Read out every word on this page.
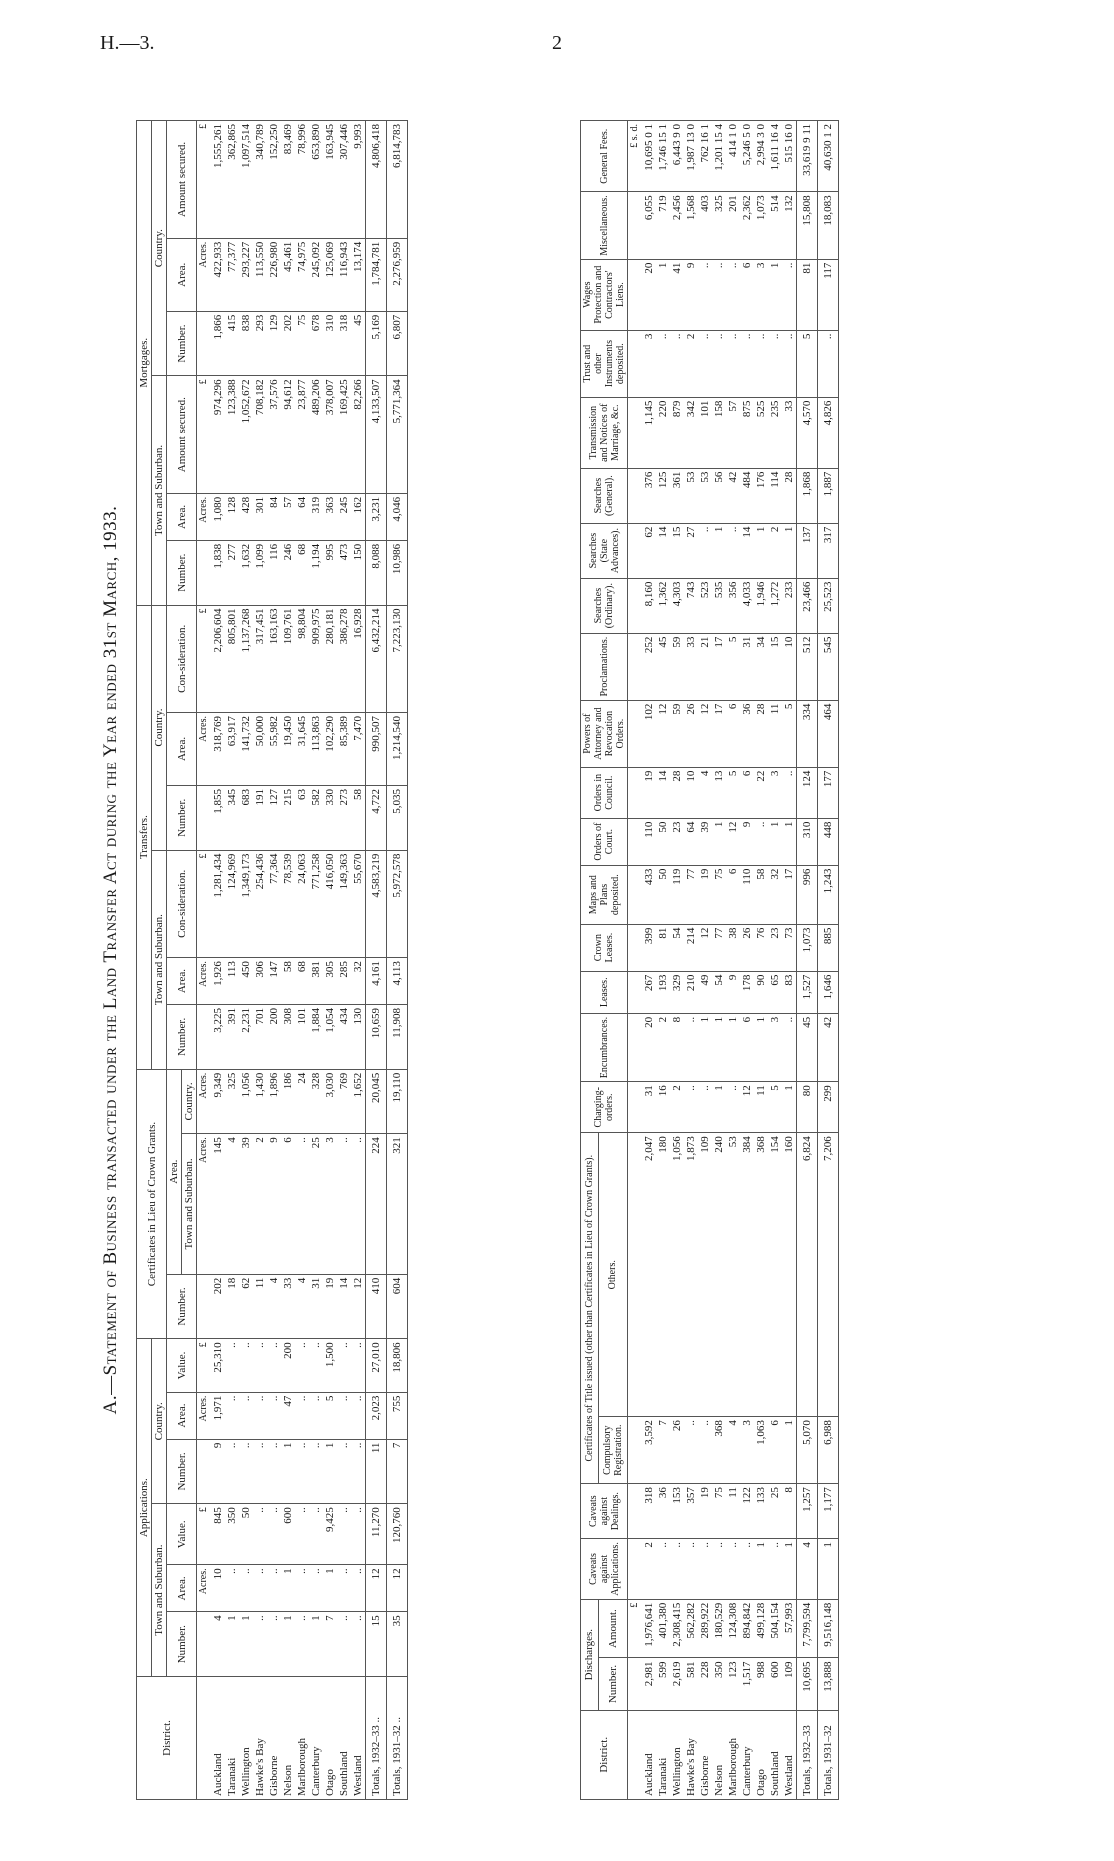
H.—3.	2
A.—Statement of Business transacted under the Land Transfer Act during the Year ended 31st March, 1933.
District.	Applications.						Certificates in Lieu of Crown Grants.			Transfers.						Mortgages.					
	Town and Suburban.			Country.						Town and Suburban.			Country.			Town and Suburban.			Country.		
	Number.	Area.	Value.	Number.	Area.	Value.	Number.	Area.		Number.	Area.	Con-sideration.	Number.	Area.	Con-sideration.	Number.	Area.	Amount secured.	Number.	Area.	Amount secured.
								Town and Suburban.	Country.												
		Acres.	£		Acres.	£		Acres.	Acres.		Acres.	£		Acres.	£		Acres.	£		Acres.	£
Auckland	4	10	845	9	1,971	25,310	202	145	9,349	3,225	1,926	1,281,434	1,855	318,769	2,206,604	1,838	1,080	974,296	1,866	422,933	1,555,261
Taranaki	1	..	350	..	..	..	18	4	325	391	113	124,969	345	63,917	805,801	277	128	123,388	415	77,377	362,865
Wellington	1	..	50	..	..	..	62	39	1,056	2,231	450	1,349,173	683	141,732	1,137,268	1,632	428	1,052,672	838	293,227	1,097,514
Hawke's Bay	..	..	..	..	..	..	11	2	1,430	701	306	254,436	191	50,000	317,451	1,099	301	708,182	293	113,550	340,789
Gisborne	..	..	..	..	..	..	4	9	1,896	200	147	77,364	127	55,982	163,163	116	84	37,576	129	226,980	152,250
Nelson	1	1	600	1	47	200	33	6	186	308	58	78,539	215	19,450	109,761	246	57	94,612	202	45,461	83,469
Marlborough	..	..	..	..	..	..	4	..	24	101	68	24,063	63	31,645	98,804	68	64	23,877	75	74,975	78,996
Canterbury	1	..	..	..	..	..	31	25	328	1,884	381	771,258	582	113,863	909,975	1,194	319	489,206	678	245,092	653,890
Otago	7	1	9,425	1	5	1,500	19	3	3,030	1,054	305	416,050	330	102,290	280,181	995	363	378,007	310	125,069	163,945
Southland	..	..	..	..	..	..	14	..	769	434	285	149,363	273	85,389	386,278	473	245	169,425	318	116,943	307,446
Westland	..	..	..	..	..	..	12	..	1,652	130	32	55,670	58	7,470	16,928	150	162	82,266	45	13,174	9,993
Totals, 1932–33 ..	15	12	11,270	11	2,023	27,010	410	224	20,045	10,659	4,161	4,583,219	4,722	990,507	6,432,214	8,088	3,231	4,133,507	5,169	1,784,781	4,806,418
Totals, 1931–32 ..	35	12	120,760	7	755	18,806	604	321	19,110	11,908	4,113	5,972,578	5,035	1,214,540	7,223,130	10,986	4,046	5,771,364	6,807	2,276,959	6,814,783
District.	Discharges.		Caveats against Applications.	Caveats against Dealings.	Certificates of Title issued (other than Certificates in Lieu of Crown Grants).		Charging-orders.	Encumbrances.	Leases.	Crown Leases.	Maps and Plans deposited.	Orders of Court.	Orders in Council.	Powers of Attorney and Revocation Orders.	Proclamations.	Searches (Ordinary).	Searches (State Advances).	Searches (General).	Transmission and Notices of Marriage, &c.	Trust and other Instruments deposited.	Wages Protection and Contractors' Liens.	Miscellaneous.	General Fees.
	Number.	Amount.			Compulsory Registration.	Others.																	
		£																					£ s. d.
Auckland	2,981	1,976,641	2	318	3,592	2,047	31	20	267	399	433	110	19	102	252	8,160	62	376	1,145	3	20	6,055	10,695 0 1
Taranaki	599	401,380	..	36	7	180	16	2	193	81	50	50	14	12	45	1,362	14	125	220	..	1	719	1,746 15 1
Wellington	2,619	2,308,415	..	153	26	1,056	2	8	329	54	119	23	28	59	59	4,303	15	361	879	..	41	2,456	6,443 9 0
Hawke's Bay	581	562,282	..	357	..	1,873	..	..	210	214	77	64	10	26	33	743	27	53	342	2	9	1,568	1,987 13 0
Gisborne	228	289,922	..	19	..	109	..	1	49	12	19	39	4	12	21	523	..	53	101	..	..	403	762 16 1
Nelson	350	180,529	..	75	368	240	1	1	54	77	75	1	13	17	17	535	1	56	158	..	..	325	1,201 15 4
Marlborough	123	124,308	..	11	4	53	..	1	9	38	6	12	5	6	5	356	..	42	57	..	..	201	414 1 0
Canterbury	1,517	894,842	..	122	3	384	12	6	178	26	110	9	6	36	31	4,033	14	484	875	..	6	2,362	5,246 5 0
Otago	988	499,128	1	133	1,063	368	11	1	90	76	58	..	22	28	34	1,946	1	176	525	..	3	1,073	2,994 3 0
Southland	600	504,154	..	25	6	154	5	3	65	23	32	1	3	11	15	1,272	2	114	235	..	1	514	1,611 16 4
Westland	109	57,993	1	8	1	160	1	..	83	73	17	1	..	5	10	233	1	28	33	..	..	132	515 16 0
Totals, 1932–33	10,695	7,799,594	4	1,257	5,070	6,824	80	45	1,527	1,073	996	310	124	334	512	23,466	137	1,868	4,570	5	81	15,808	33,619 9 11
Totals, 1931–32	13,888	9,516,148	1	1,177	6,988	7,206	299	42	1,646	885	1,243	448	177	464	545	25,523	317	1,887	4,826	..	117	18,083	40,630 1 2
